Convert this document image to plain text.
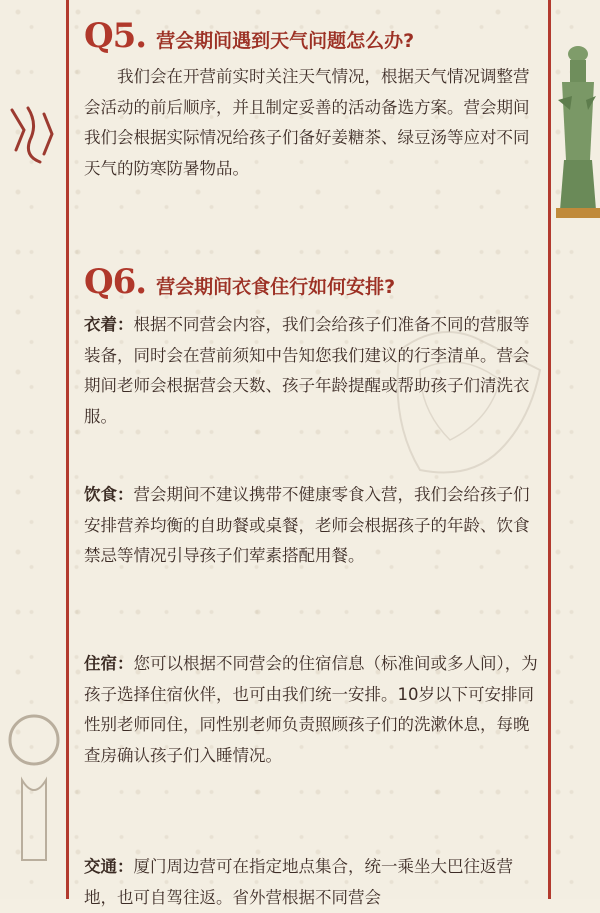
Q5. 营会期间遇到天气问题怎么办?

我们会在开营前实时关注天气情况，根据天气情况调整营会活动的前后顺序，并且制定妥善的活动备选方案。营会期间我们会根据实际情况给孩子们备好姜糖茶、绿豆汤等应对不同天气的防寒防暑物品。

Q6. 营会期间衣食住行如何安排?

衣着：根据不同营会内容，我们会给孩子们准备不同的营服等装备，同时会在营前须知中告知您我们建议的行李清单。营会期间老师会根据营会天数、孩子年龄提醒或帮助孩子们清洗衣服。

饮食：营会期间不建议携带不健康零食入营，我们会给孩子们安排营养均衡的自助餐或桌餐，老师会根据孩子的年龄、饮食禁忌等情况引导孩子们荤素搭配用餐。

住宿：您可以根据不同营会的住宿信息（标准间或多人间），为孩子选择住宿伙伴，也可由我们统一安排。10岁以下可安排同性别老师同住，同性别老师负责照顾孩子们的洗漱休息，每晚查房确认孩子们入睡情况。

交通：厦门周边营可在指定地点集合，统一乘坐大巴往返营地，也可自驾往返。省外营根据不同营会
